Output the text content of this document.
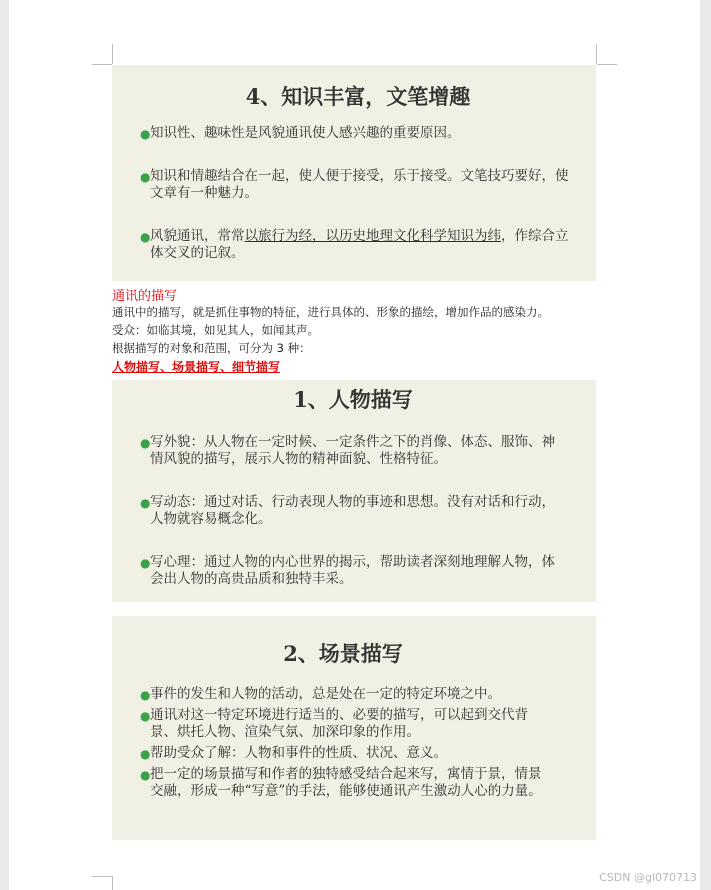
4、知识丰富，文笔增趣
● 知识性、趣味性是风貌通讯使人感兴趣的重要原因。
● 知识和情趣结合在一起，使人便于接受，乐于接受。文笔技巧要好，使文章有一种魅力。
● 风貌通讯，常常以旅行为经，以历史地理文化科学知识为纬，作综合立体交叉的记叙。
通讯的描写
通讯中的描写，就是抓住事物的特征，进行具体的、形象的描绘，增加作品的感染力。
受众：如临其境，如见其人，如闻其声。
根据描写的对象和范围，可分为 3 种：
人物描写、场景描写、细节描写
1、人物描写
● 写外貌：从人物在一定时候、一定条件之下的肖像、体态、服饰、神情风貌的描写，展示人物的精神面貌、性格特征。
● 写动态：通过对话、行动表现人物的事迹和思想。没有对话和行动，人物就容易概念化。
● 写心理：通过人物的内心世界的揭示，帮助读者深刻地理解人物，体会出人物的高贵品质和独特丰采。
2、场景描写
● 事件的发生和人物的活动，总是处在一定的特定环境之中。
● 通讯对这一特定环境进行适当的、必要的描写，可以起到交代背景、烘托人物、渲染气氛、加深印象的作用。
● 帮助受众了解：人物和事件的性质、状况、意义。
● 把一定的场景描写和作者的独特感受结合起来写，寓情于景，情景交融，形成一种“写意”的手法，能够使通讯产生激动人心的力量。
CSDN @gl070713
